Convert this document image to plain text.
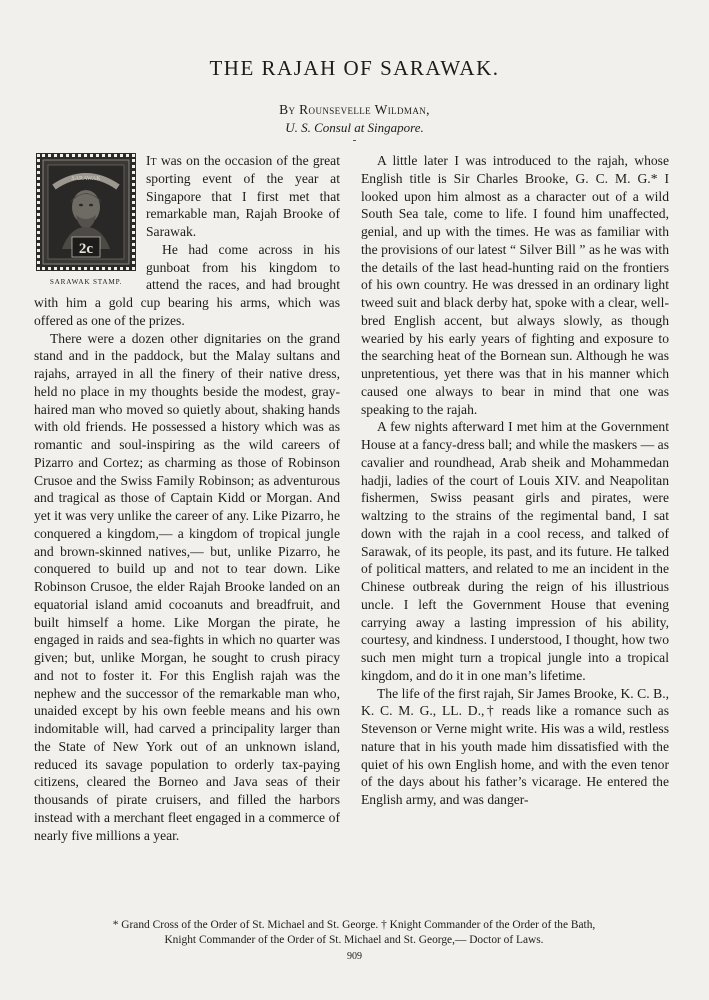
THE RAJAH OF SARAWAK.
By Rounsevelle Wildman,
U. S. Consul at Singapore.
SARAWAK
2c
SARAWAK STAMP.

It was on the occasion of the great sporting event of the year at Singapore that I first met that remarkable man, Rajah Brooke of Sarawak.

He had come across in his gunboat from his kingdom to attend the races, and had brought with him a gold cup bearing his arms, which was offered as one of the prizes.

There were a dozen other dignitaries on the grand stand and in the paddock, but the Malay sultans and rajahs, arrayed in all the finery of their native dress, held no place in my thoughts beside the modest, gray-haired man who moved so quietly about, shaking hands with old friends. He possessed a history which was as romantic and soul-inspiring as the wild careers of Pizarro and Cortez; as charming as those of Robinson Crusoe and the Swiss Family Robinson; as adventurous and tragical as those of Captain Kidd or Morgan. And yet it was very unlike the career of any. Like Pizarro, he conquered a kingdom,— a kingdom of tropical jungle and brown-skinned natives,— but, unlike Pizarro, he conquered to build up and not to tear down. Like Robinson Crusoe, the elder Rajah Brooke landed on an equatorial island amid cocoanuts and breadfruit, and built himself a home. Like Morgan the pirate, he engaged in raids and sea-fights in which no quarter was given; but, unlike Morgan, he sought to crush piracy and not to foster it. For this English rajah was the nephew and the successor of the remarkable man who, unaided except by his own feeble means and his own indomitable will, had carved a principality larger than the State of New York out of an unknown island, reduced its savage population to orderly tax-paying citizens, cleared the Borneo and Java seas of their thousands of pirate cruisers, and filled the harbors instead with a merchant fleet engaged in a commerce of nearly five millions a year.

A little later I was introduced to the rajah, whose English title is Sir Charles Brooke, G. C. M. G.* I looked upon him almost as a character out of a wild South Sea tale, come to life. I found him unaffected, genial, and up with the times. He was as familiar with the provisions of our latest “ Silver Bill ” as he was with the details of the last head-hunting raid on the frontiers of his own country. He was dressed in an ordinary light tweed suit and black derby hat, spoke with a clear, well-bred English accent, but always slowly, as though wearied by his early years of fighting and exposure to the searching heat of the Bornean sun. Although he was unpretentious, yet there was that in his manner which caused one always to bear in mind that one was speaking to the rajah.

A few nights afterward I met him at the Government House at a fancy-dress ball; and while the maskers — as cavalier and roundhead, Arab sheik and Mohammedan hadji, ladies of the court of Louis XIV. and Neapolitan fishermen, Swiss peasant girls and pirates, were waltzing to the strains of the regimental band, I sat down with the rajah in a cool recess, and talked of Sarawak, of its people, its past, and its future. He talked of political matters, and related to me an incident in the Chinese outbreak during the reign of his illustrious uncle. I left the Government House that evening carrying away a lasting impression of his ability, courtesy, and kindness. I understood, I thought, how two such men might turn a tropical jungle into a tropical kingdom, and do it in one man’s lifetime.

The life of the first rajah, Sir James Brooke, K. C. B., K. C. M. G., LL. D.,† reads like a romance such as Stevenson or Verne might write. His was a wild, restless nature that in his youth made him dissatisfied with the quiet of his own English home, and with the even tenor of the days about his father’s vicarage. He entered the English army, and was danger-

* Grand Cross of the Order of St. Michael and St. George. † Knight Commander of the Order of the Bath,
Knight Commander of the Order of St. Michael and St. George,— Doctor of Laws.
909
